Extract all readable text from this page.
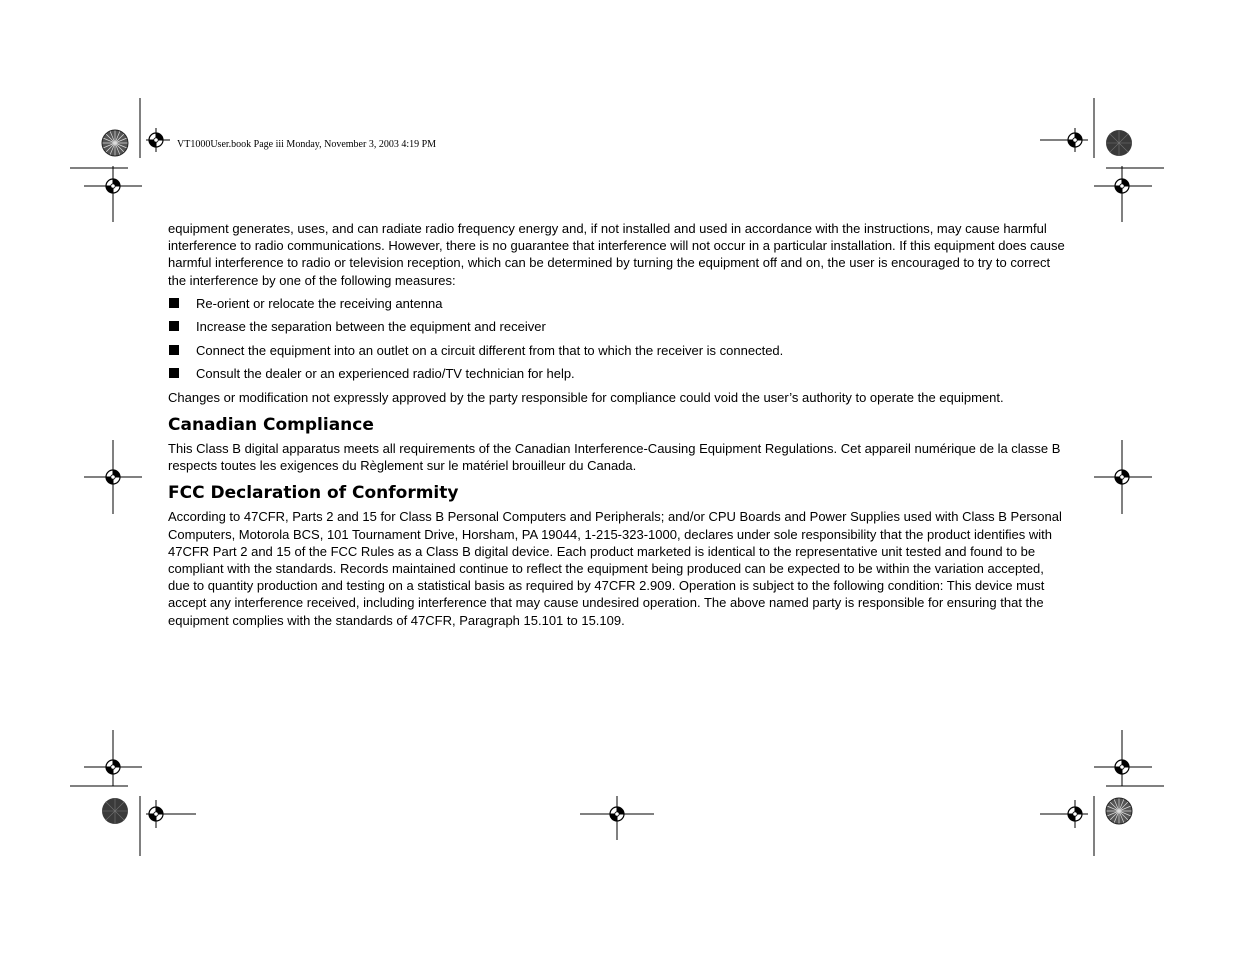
VT1000User.book Page iii Monday, November 3, 2003 4:19 PM

equipment generates, uses, and can radiate radio frequency energy and, if not installed and used in accordance with the instructions, may cause harmful interference to radio communications. However, there is no guarantee that interference will not occur in a particular installation. If this equipment does cause harmful interference to radio or television reception, which can be determined by turning the equipment off and on, the user is encouraged to try to correct the interference by one of the following measures:

Re-orient or relocate the receiving antenna
Increase the separation between the equipment and receiver
Connect the equipment into an outlet on a circuit different from that to which the receiver is connected.
Consult the dealer or an experienced radio/TV technician for help.

Changes or modification not expressly approved by the party responsible for compliance could void the user’s authority to operate the equipment.

Canadian Compliance

This Class B digital apparatus meets all requirements of the Canadian Interference-Causing Equipment Regulations. Cet appareil numérique de la classe B respects toutes les exigences du Règlement sur le matériel brouilleur du Canada.

FCC Declaration of Conformity

According to 47CFR, Parts 2 and 15 for Class B Personal Computers and Peripherals; and/or CPU Boards and Power Supplies used with Class B Personal Computers, Motorola BCS, 101 Tournament Drive, Horsham, PA 19044, 1-215-323-1000, declares under sole responsibility that the product identifies with 47CFR Part 2 and 15 of the FCC Rules as a Class B digital device. Each product marketed is identical to the representative unit tested and found to be compliant with the standards. Records maintained continue to reflect the equipment being produced can be expected to be within the variation accepted, due to quantity production and testing on a statistical basis as required by 47CFR 2.909. Operation is subject to the following condition: This device must accept any interference received, including interference that may cause undesired operation. The above named party is responsible for ensuring that the equipment complies with the standards of 47CFR, Paragraph 15.101 to 15.109.
